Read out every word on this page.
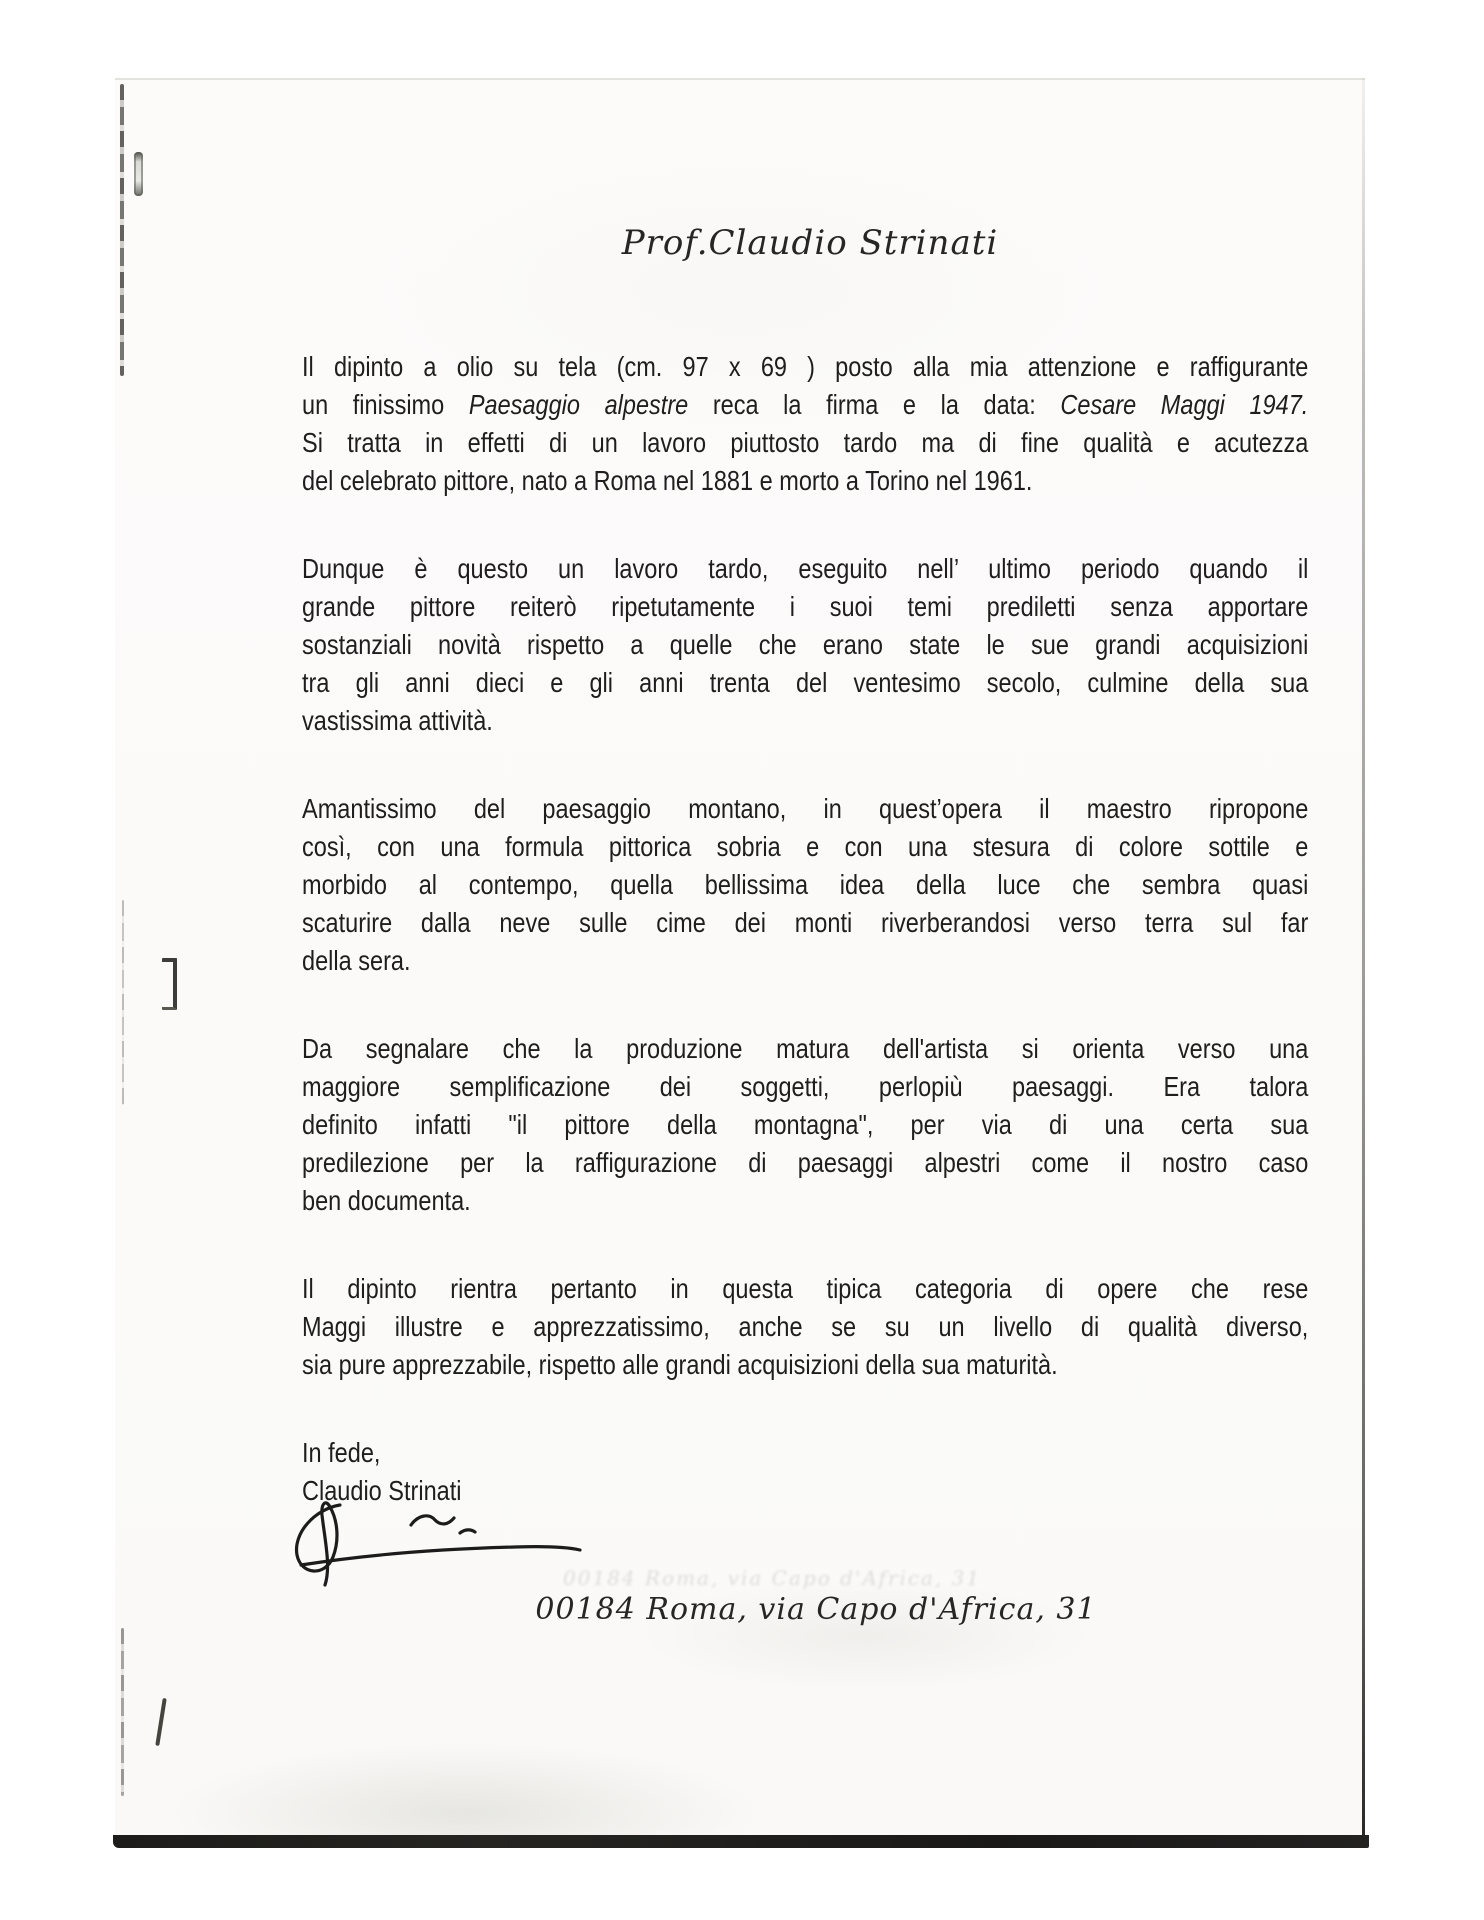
Prof.Claudio Strinati
Il dipinto a olio su tela (cm. 97 x 69 ) posto alla mia attenzione e raffigurante
un finissimo Paesaggio alpestre reca la firma e la data: Cesare Maggi 1947.
Si tratta in effetti di un lavoro piuttosto tardo ma di fine qualità e acutezza
del celebrato pittore, nato a Roma nel 1881 e morto a Torino nel 1961.
Dunque è questo un lavoro tardo, eseguito nell’ ultimo periodo quando il
grande pittore reiterò ripetutamente i suoi temi prediletti senza apportare
sostanziali novità rispetto a quelle che erano state le sue grandi acquisizioni
tra gli anni dieci e gli anni trenta del ventesimo secolo, culmine della sua
vastissima attività.
Amantissimo del paesaggio montano, in quest’opera il maestro ripropone
così, con una formula pittorica sobria e con una stesura di colore sottile e
morbido al contempo, quella bellissima idea della luce che sembra quasi
scaturire dalla neve sulle cime dei monti riverberandosi verso terra sul far
della sera.
Da segnalare che la produzione matura dell'artista si orienta verso una
maggiore semplificazione dei soggetti, perlopiù paesaggi. Era talora
definito infatti "il pittore della montagna", per via di una certa sua
predilezione per la raffigurazione di paesaggi alpestri come il nostro caso
ben documenta.
Il dipinto rientra pertanto in questa tipica categoria di opere che rese
Maggi illustre e apprezzatissimo, anche se su un livello di qualità diverso,
sia pure apprezzabile, rispetto alle grandi acquisizioni della sua maturità.
In fede,
Claudio Strinati
00184 Roma, via Capo d'Africa, 31
00184 Roma, via Capo d'Africa, 31
